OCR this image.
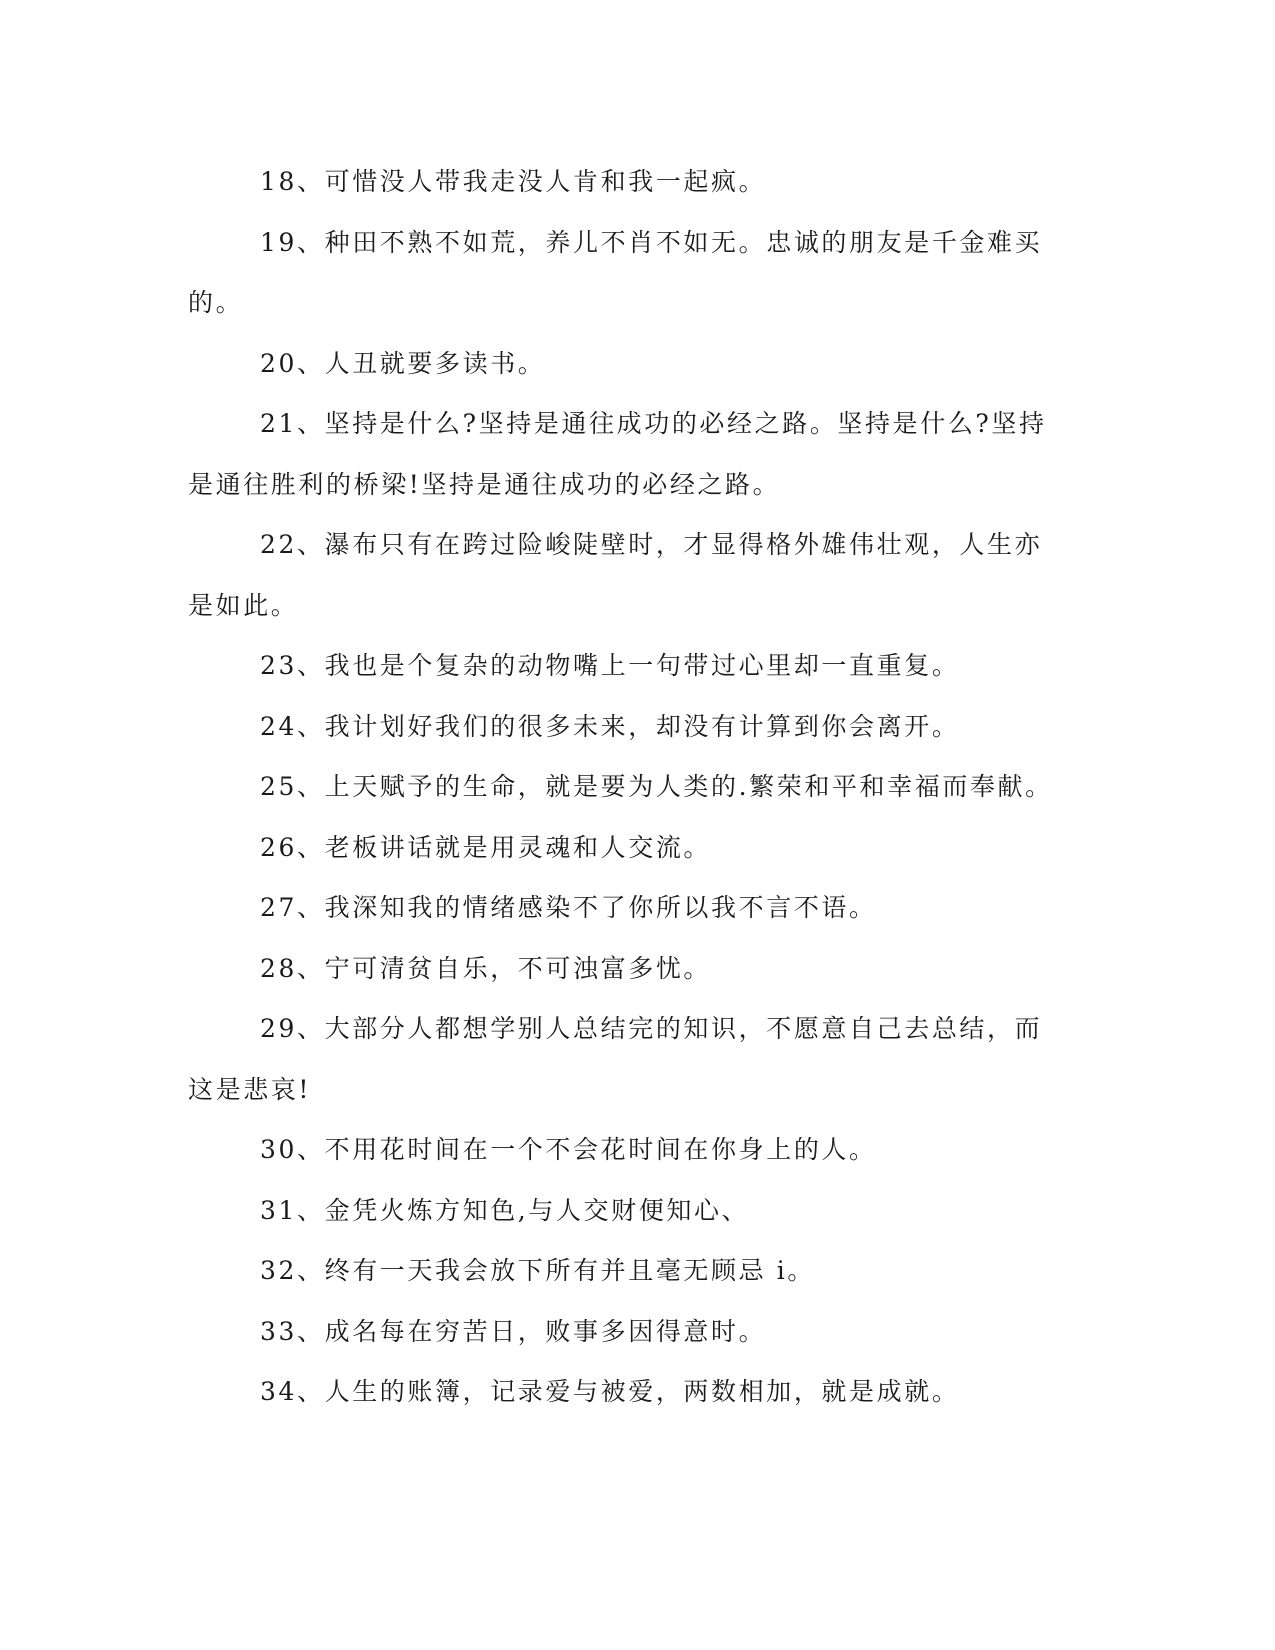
18、可惜没人带我走没人肯和我一起疯。
19、种田不熟不如荒，养儿不肖不如无。忠诚的朋友是千金难买
的。
20、人丑就要多读书。
21、坚持是什么?坚持是通往成功的必经之路。坚持是什么?坚持
是通往胜利的桥梁!坚持是通往成功的必经之路。
22、瀑布只有在跨过险峻陡壁时，才显得格外雄伟壮观，人生亦
是如此。
23、我也是个复杂的动物嘴上一句带过心里却一直重复。
24、我计划好我们的很多未来，却没有计算到你会离开。
25、上天赋予的生命，就是要为人类的.繁荣和平和幸福而奉献。
26、老板讲话就是用灵魂和人交流。
27、我深知我的情绪感染不了你所以我不言不语。
28、宁可清贫自乐，不可浊富多忧。
29、大部分人都想学别人总结完的知识，不愿意自己去总结，而
这是悲哀!
30、不用花时间在一个不会花时间在你身上的人。
31、金凭火炼方知色,与人交财便知心、
32、终有一天我会放下所有并且毫无顾忌 i。
33、成名每在穷苦日，败事多因得意时。
34、人生的账簿，记录爱与被爱，两数相加，就是成就。
